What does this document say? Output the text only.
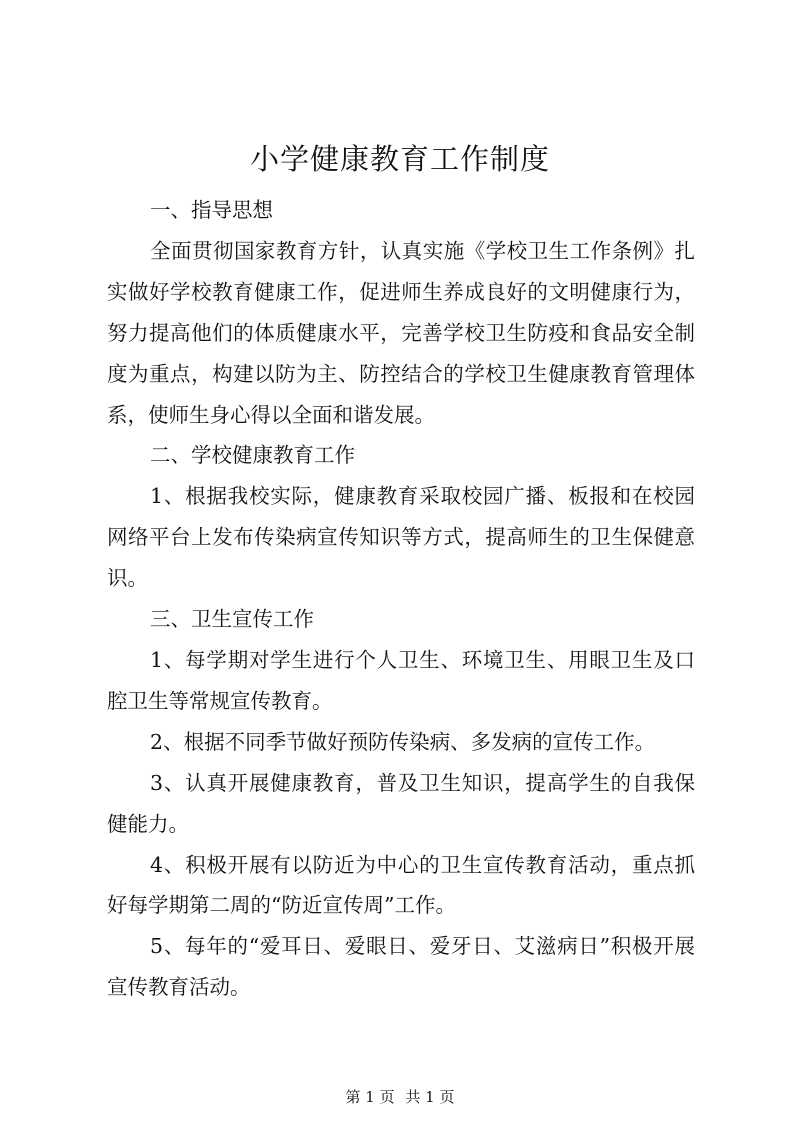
小学健康教育工作制度

一、指导思想

全面贯彻国家教育方针，认真实施《学校卫生工作条例》扎实做好学校教育健康工作，促进师生养成良好的文明健康行为，努力提高他们的体质健康水平，完善学校卫生防疫和食品安全制度为重点，构建以防为主、防控结合的学校卫生健康教育管理体系，使师生身心得以全面和谐发展。

二、学校健康教育工作

1、根据我校实际，健康教育采取校园广播、板报和在校园网络平台上发布传染病宣传知识等方式，提高师生的卫生保健意识。

三、卫生宣传工作

1、每学期对学生进行个人卫生、环境卫生、用眼卫生及口腔卫生等常规宣传教育。

2、根据不同季节做好预防传染病、多发病的宣传工作。

3、认真开展健康教育，普及卫生知识，提高学生的自我保健能力。

4、积极开展有以防近为中心的卫生宣传教育活动，重点抓好每学期第二周的“防近宣传周”工作。

5、每年的“爱耳日、爱眼日、爱牙日、艾滋病日”积极开展宣传教育活动。

第 1 页 共 1 页
